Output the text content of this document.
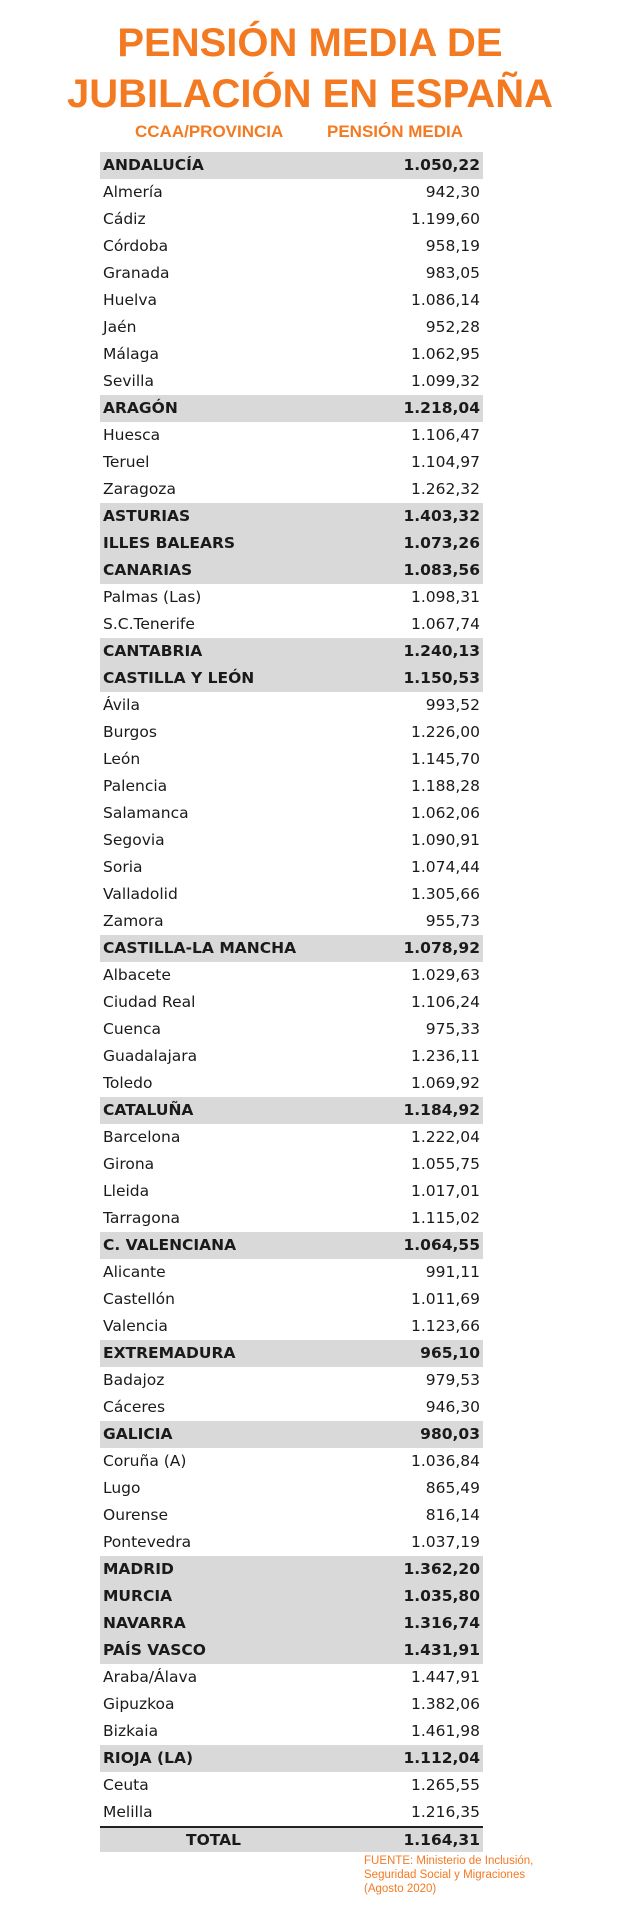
PENSIÓN MEDIA DE
JUBILACIÓN EN ESPAÑA
CCAA/PROVINCIA	PENSIÓN MEDIA
ANDALUCÍA	1.050,22
Almería	942,30
Cádiz	1.199,60
Córdoba	958,19
Granada	983,05
Huelva	1.086,14
Jaén	952,28
Málaga	1.062,95
Sevilla	1.099,32
ARAGÓN	1.218,04
Huesca	1.106,47
Teruel	1.104,97
Zaragoza	1.262,32
ASTURIAS	1.403,32
ILLES BALEARS	1.073,26
CANARIAS	1.083,56
Palmas (Las)	1.098,31
S.C.Tenerife	1.067,74
CANTABRIA	1.240,13
CASTILLA Y LEÓN	1.150,53
Ávila	993,52
Burgos	1.226,00
León	1.145,70
Palencia	1.188,28
Salamanca	1.062,06
Segovia	1.090,91
Soria	1.074,44
Valladolid	1.305,66
Zamora	955,73
CASTILLA-LA MANCHA	1.078,92
Albacete	1.029,63
Ciudad Real	1.106,24
Cuenca	975,33
Guadalajara	1.236,11
Toledo	1.069,92
CATALUÑA	1.184,92
Barcelona	1.222,04
Girona	1.055,75
Lleida	1.017,01
Tarragona	1.115,02
C. VALENCIANA	1.064,55
Alicante	991,11
Castellón	1.011,69
Valencia	1.123,66
EXTREMADURA	965,10
Badajoz	979,53
Cáceres	946,30
GALICIA	980,03
Coruña (A)	1.036,84
Lugo	865,49
Ourense	816,14
Pontevedra	1.037,19
MADRID	1.362,20
MURCIA	1.035,80
NAVARRA	1.316,74
PAÍS VASCO	1.431,91
Araba/Álava	1.447,91
Gipuzkoa	1.382,06
Bizkaia	1.461,98
RIOJA (LA)	1.112,04
Ceuta	1.265,55
Melilla	1.216,35
TOTAL	1.164,31
FUENTE: Ministerio de Inclusión,
Seguridad Social y Migraciones
(Agosto 2020)
